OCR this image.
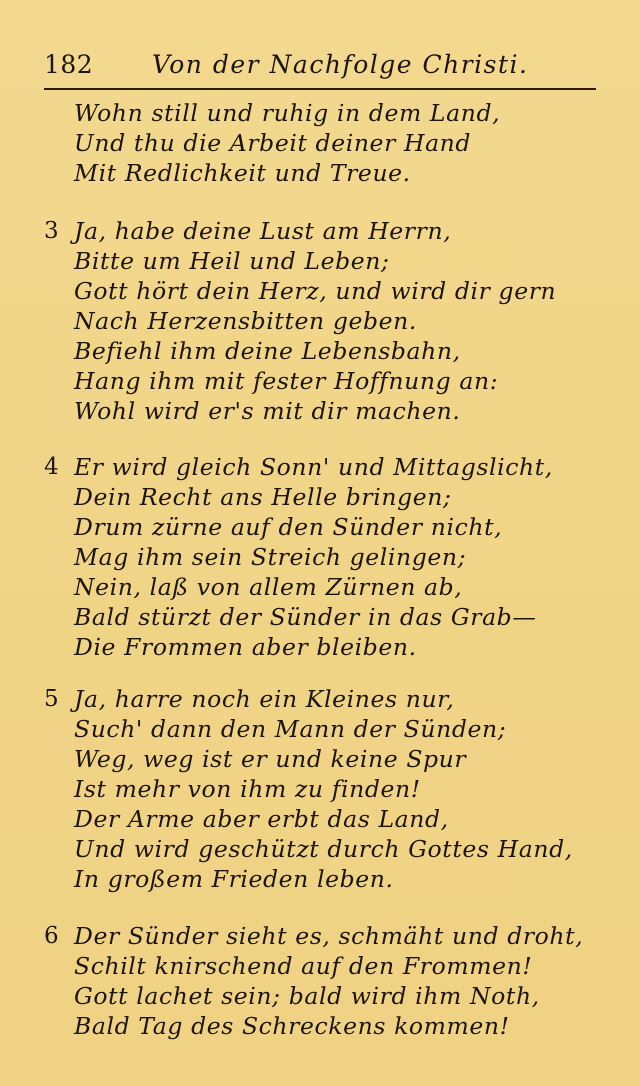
182 Von der Nachfolge Christi.
Wohn still und ruhig in dem Land,
Und thu die Arbeit deiner Hand
Mit Redlichkeit und Treue.
3 Ja, habe deine Lust am Herrn,
Bitte um Heil und Leben;
Gott hört dein Herz, und wird dir gern
Nach Herzensbitten geben.
Befiehl ihm deine Lebensbahn,
Hang ihm mit fester Hoffnung an:
Wohl wird er's mit dir machen.
4 Er wird gleich Sonn' und Mittagslicht,
Dein Recht ans Helle bringen;
Drum zürne auf den Sünder nicht,
Mag ihm sein Streich gelingen;
Nein, laß von allem Zürnen ab,
Bald stürzt der Sünder in das Grab—
Die Frommen aber bleiben.
5 Ja, harre noch ein Kleines nur,
Such' dann den Mann der Sünden;
Weg, weg ist er und keine Spur
Ist mehr von ihm zu finden!
Der Arme aber erbt das Land,
Und wird geschützt durch Gottes Hand,
In großem Frieden leben.
6 Der Sünder sieht es, schmäht und droht,
Schilt knirschend auf den Frommen!
Gott lachet sein; bald wird ihm Noth,
Bald Tag des Schreckens kommen!
